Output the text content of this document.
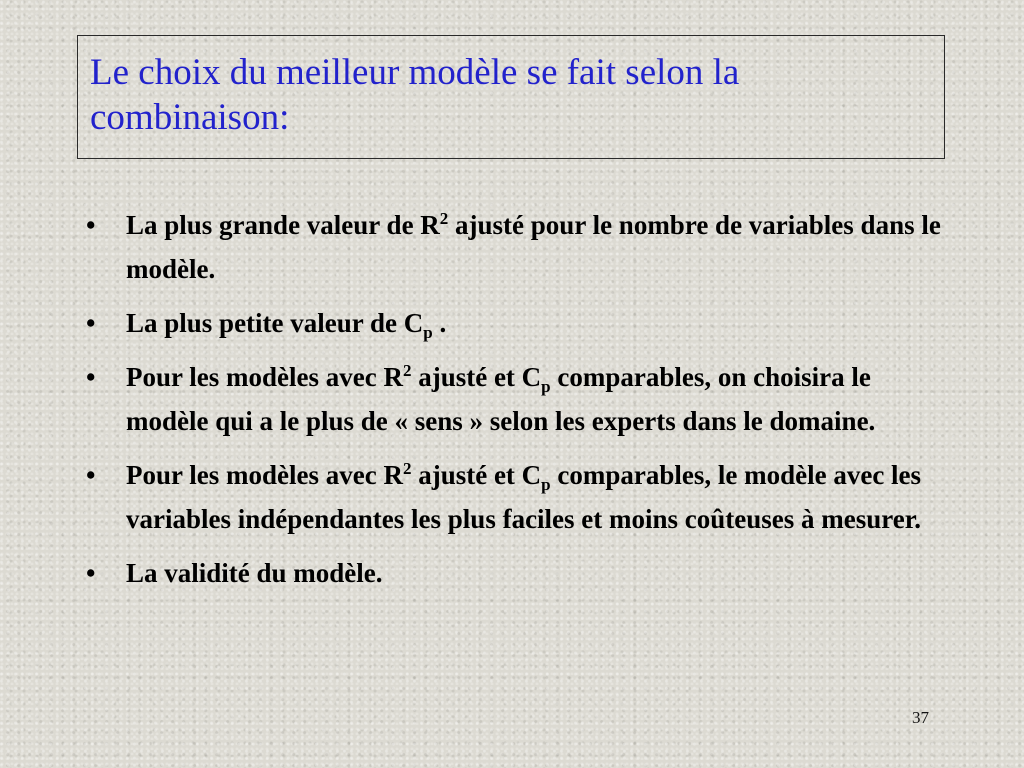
Le choix du meilleur modèle se fait selon la combinaison:
• La plus grande valeur de $R^2$ ajusté pour le nombre de variables dans le modèle.
• La plus petite valeur de $C_p$ .
• Pour les modèles avec $R^2$ ajusté et $C_p$ comparables, on choisira le modèle qui a le plus de « sens » selon les experts dans le domaine.
• Pour les modèles avec $R^2$ ajusté et $C_p$ comparables, le modèle avec les variables indépendantes les plus faciles et moins coûteuses à mesurer.
• La validité du modèle.
37
